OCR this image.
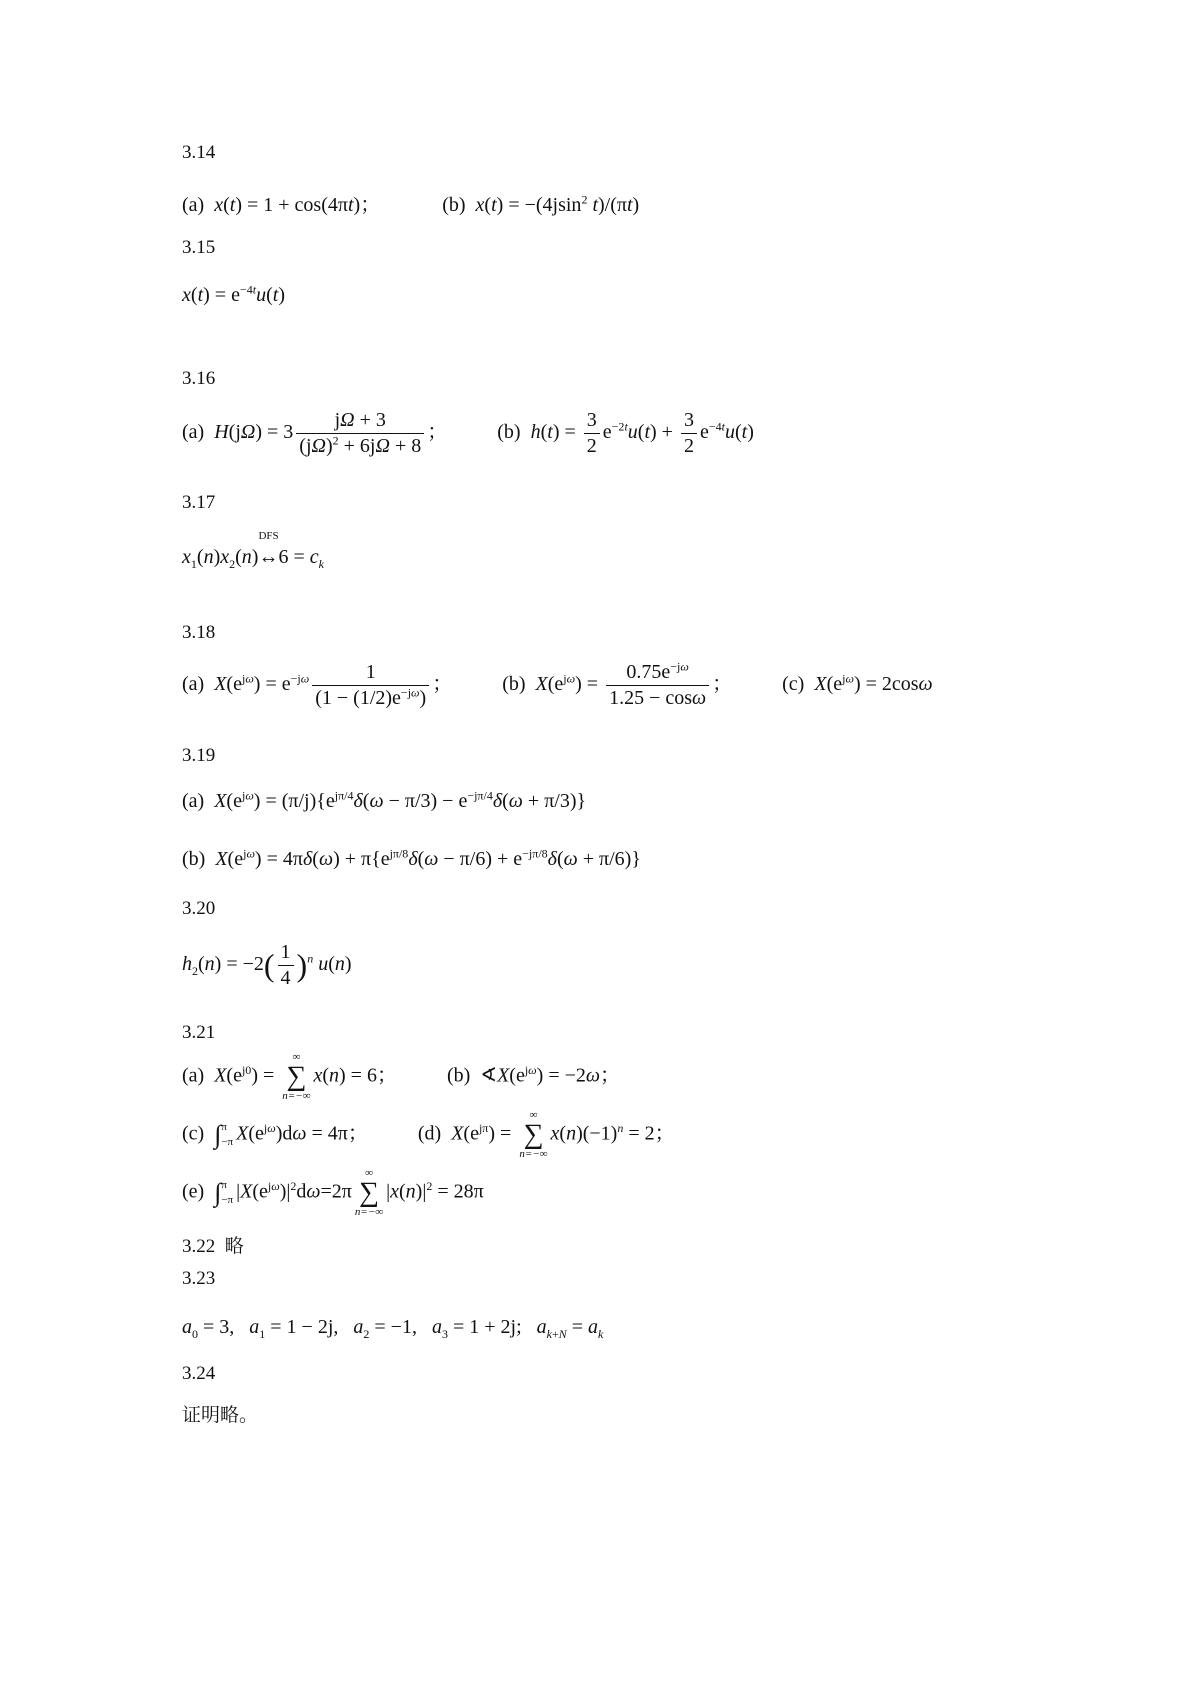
3.14
(a) x(t) = 1 + cos(4πt)；	(b) x(t) = −(4jsin$^2$ t)/(πt)
3.15
$x(t) = e^{-4t}u(t)$
3.16
(a) $H(j\Omega) = 3 \frac{j\Omega + 3}{(j\Omega)^2 + 6j\Omega + 8}$ ；	(b) $h(t) = \frac{3}{2} e^{-2t}u(t) + \frac{3}{2} e^{-4t}u(t)$
3.17
$x_1(n)x_2(n)$
DFS
↔6 = $c_k$
3.18
(a) $X(e^{j\omega}) = e^{-j\omega} \frac{1}{(1 - (1/2)e^{-j\omega})}$ ；	(b) $X(e^{j\omega}) = \frac{0.75e^{-j\omega}}{1.25 - \cos\omega}$ ；	(c) $X(e^{j\omega}) = 2\cos\omega$
3.19
(a) $X(e^{j\omega}) = (\pi/j)\{e^{j\pi/4}\delta(\omega - \pi/3) - e^{-j\pi/4}\delta(\omega + \pi/3)\}$
(b) $X(e^{j\omega}) = 4\pi\delta(\omega) + \pi\{e^{j\pi/8}\delta(\omega - \pi/6) + e^{-j\pi/8}\delta(\omega + \pi/6)\}$
3.20
$h_2(n) = -2( \frac{1}{4} )^n$ u(n)
3.21
(a) $X(e^{j0})$ =
∞
∑
n=−∞
x(n) = 6；	(b)  $∢X(e^{j\omega}) = -2\omega$；
(c) ∫π
−π $X(e^{j\omega})d\omega = 4\pi$；	(d) $X(e^{j\pi})$ =
∞
∑
n=−∞
$x(n)(-1)^n = 2$；
(e) ∫π
−π $|X(e^{j\omega})|^2d\omega=2\pi$
∞
∑
n=−∞
$|x(n)|^2 = 28\pi$
3.22 略
3.23
$a_0 = 3$,   $a_1 = 1 - 2j$,   $a_2 = -1$,   $a_3 = 1 + 2j$;   $a_{k+N} = a_k$
3.24
证明略。
